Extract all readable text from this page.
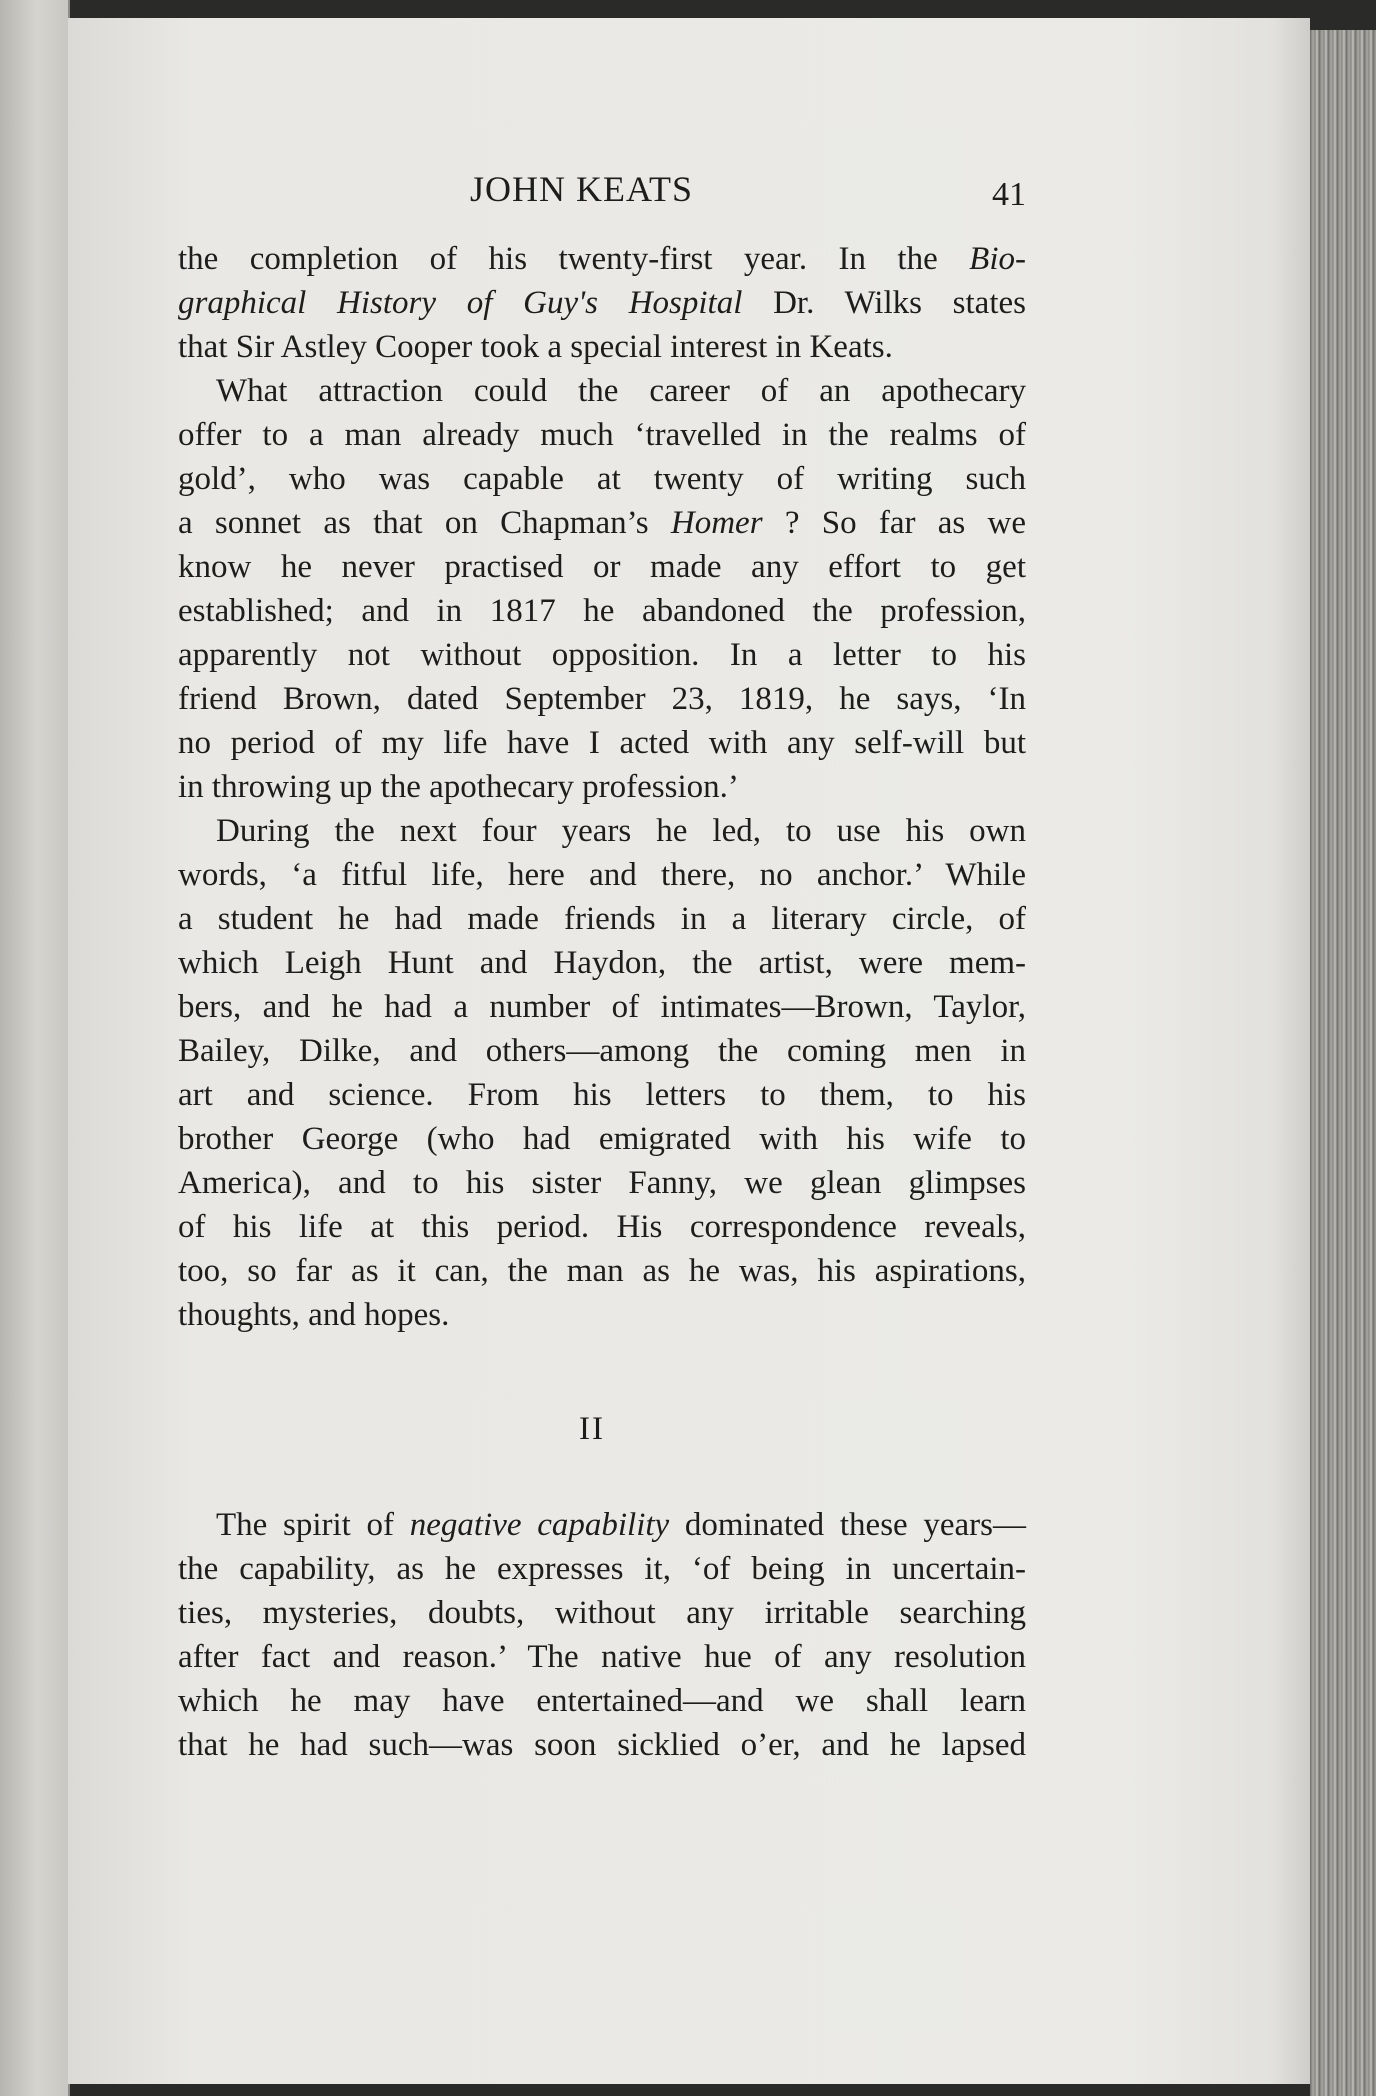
JOHN KEATS	41
the completion of his twenty-first year. In the Bio-
graphical History of Guy's Hospital Dr. Wilks states
that Sir Astley Cooper took a special interest in Keats.
What attraction could the career of an apothecary
offer to a man already much ‘travelled in the realms of
gold’, who was capable at twenty of writing such
a sonnet as that on Chapman’s Homer ? So far as we
know he never practised or made any effort to get
established; and in 1817 he abandoned the profession,
apparently not without opposition. In a letter to his
friend Brown, dated September 23, 1819, he says, ‘In
no period of my life have I acted with any self-will but
in throwing up the apothecary profession.’
During the next four years he led, to use his own
words, ‘a fitful life, here and there, no anchor.’ While
a student he had made friends in a literary circle, of
which Leigh Hunt and Haydon, the artist, were mem-
bers, and he had a number of intimates—Brown, Taylor,
Bailey, Dilke, and others—among the coming men in
art and science. From his letters to them, to his
brother George (who had emigrated with his wife to
America), and to his sister Fanny, we glean glimpses
of his life at this period. His correspondence reveals,
too, so far as it can, the man as he was, his aspirations,
thoughts, and hopes.
II
The spirit of negative capability dominated these years—
the capability, as he expresses it, ‘of being in uncertain-
ties, mysteries, doubts, without any irritable searching
after fact and reason.’ The native hue of any resolution
which he may have entertained—and we shall learn
that he had such—was soon sicklied o’er, and he lapsed
